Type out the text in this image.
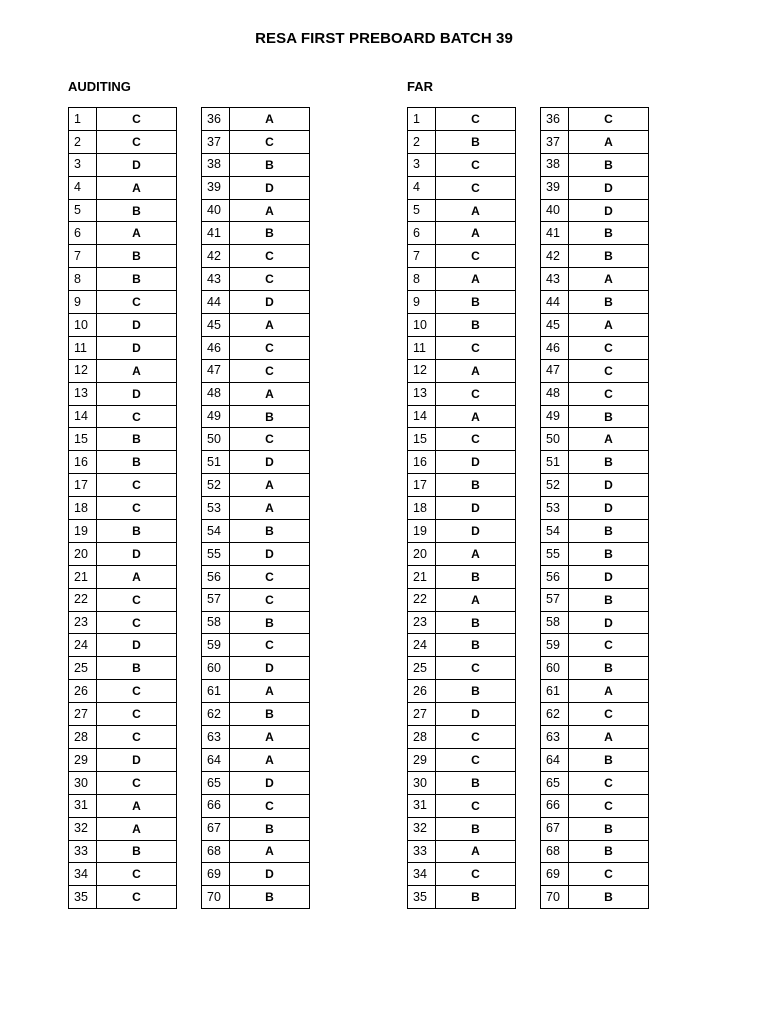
RESA FIRST PREBOARD BATCH 39
AUDITING
1	C
2	C
3	D
4	A
5	B
6	A
7	B
8	B
9	C
10	D
11	D
12	A
13	D
14	C
15	B
16	B
17	C
18	C
19	B
20	D
21	A
22	C
23	C
24	D
25	B
26	C
27	C
28	C
29	D
30	C
31	A
32	A
33	B
34	C
35	C
36	A
37	C
38	B
39	D
40	A
41	B
42	C
43	C
44	D
45	A
46	C
47	C
48	A
49	B
50	C
51	D
52	A
53	A
54	B
55	D
56	C
57	C
58	B
59	C
60	D
61	A
62	B
63	A
64	A
65	D
66	C
67	B
68	A
69	D
70	B
FAR
1	C
2	B
3	C
4	C
5	A
6	A
7	C
8	A
9	B
10	B
11	C
12	A
13	C
14	A
15	C
16	D
17	B
18	D
19	D
20	A
21	B
22	A
23	B
24	B
25	C
26	B
27	D
28	C
29	C
30	B
31	C
32	B
33	A
34	C
35	B
36	C
37	A
38	B
39	D
40	D
41	B
42	B
43	A
44	B
45	A
46	C
47	C
48	C
49	B
50	A
51	B
52	D
53	D
54	B
55	B
56	D
57	B
58	D
59	C
60	B
61	A
62	C
63	A
64	B
65	C
66	C
67	B
68	B
69	C
70	B
